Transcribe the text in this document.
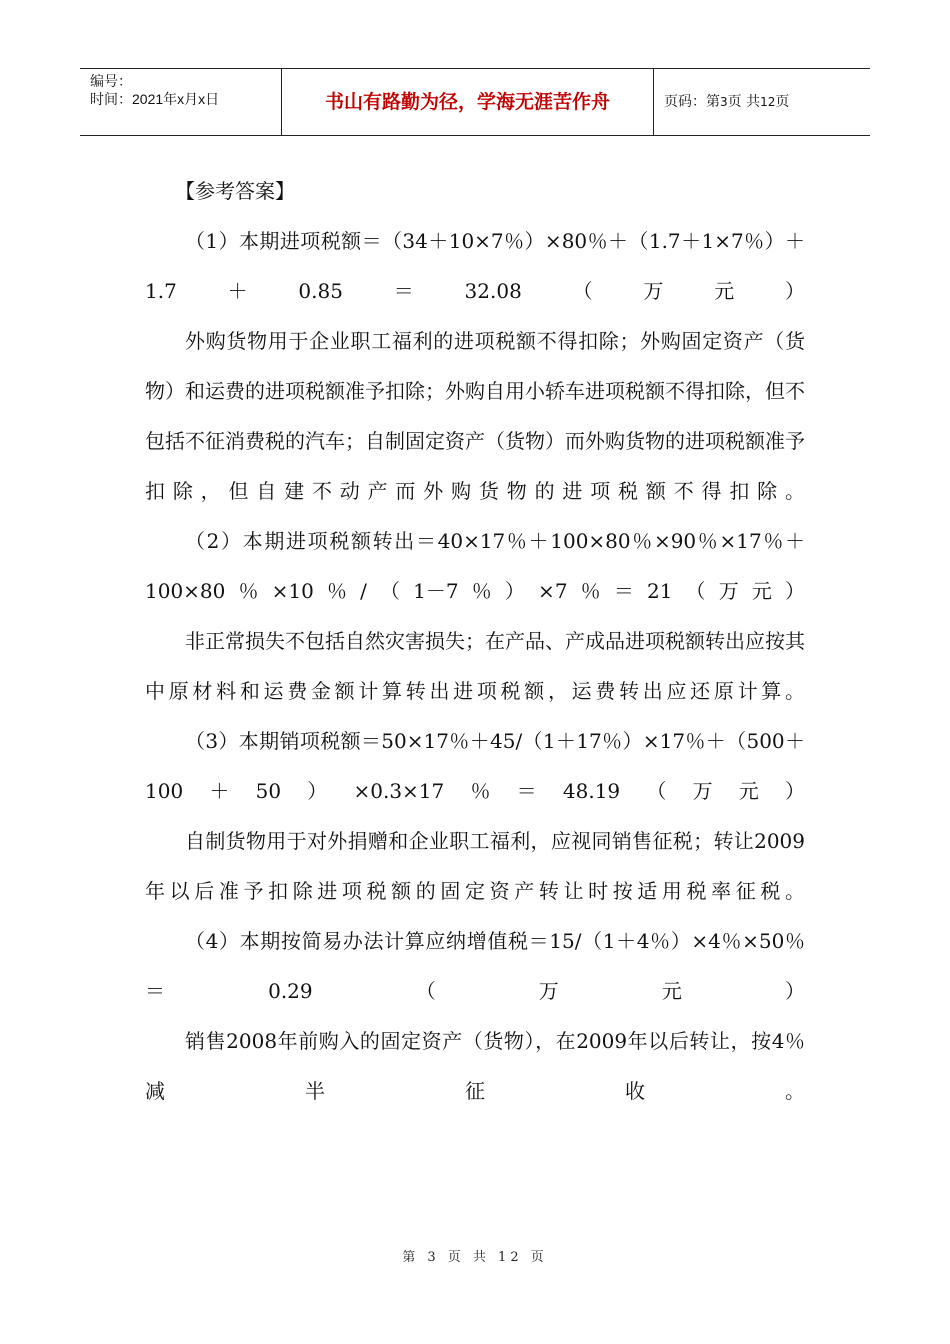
编号：
时间：2021年x月x日	书山有路勤为径，学海无涯苦作舟	页码：第3页 共12页

【参考答案】

（1）本期进项税额＝（34＋10×7％）×80％＋（1.7＋1×7％）＋1.7＋0.85＝32.08（万元）

外购货物用于企业职工福利的进项税额不得扣除；外购固定资产（货物）和运费的进项税额准予扣除；外购自用小轿车进项税额不得扣除，但不包括不征消费税的汽车；自制固定资产（货物）而外购货物的进项税额准予扣除，但自建不动产而外购货物的进项税额不得扣除。

（2）本期进项税额转出＝40×17％＋100×80％×90％×17％＋100×80％×10％/（1－7％）×7％＝21（万元）

非正常损失不包括自然灾害损失；在产品、产成品进项税额转出应按其中原材料和运费金额计算转出进项税额，运费转出应还原计算。

（3）本期销项税额＝50×17％＋45/（1＋17％）×17％＋（500＋100＋50）×0.3×17％＝48.19（万元）

自制货物用于对外捐赠和企业职工福利，应视同销售征税；转让2009年以后准予扣除进项税额的固定资产转让时按适用税率征税。

（4）本期按简易办法计算应纳增值税＝15/（1＋4％）×4％×50％＝0.29（万元）

销售2008年前购入的固定资产（货物），在2009年以后转让，按4％减半征收。

第 3 页 共 12 页
